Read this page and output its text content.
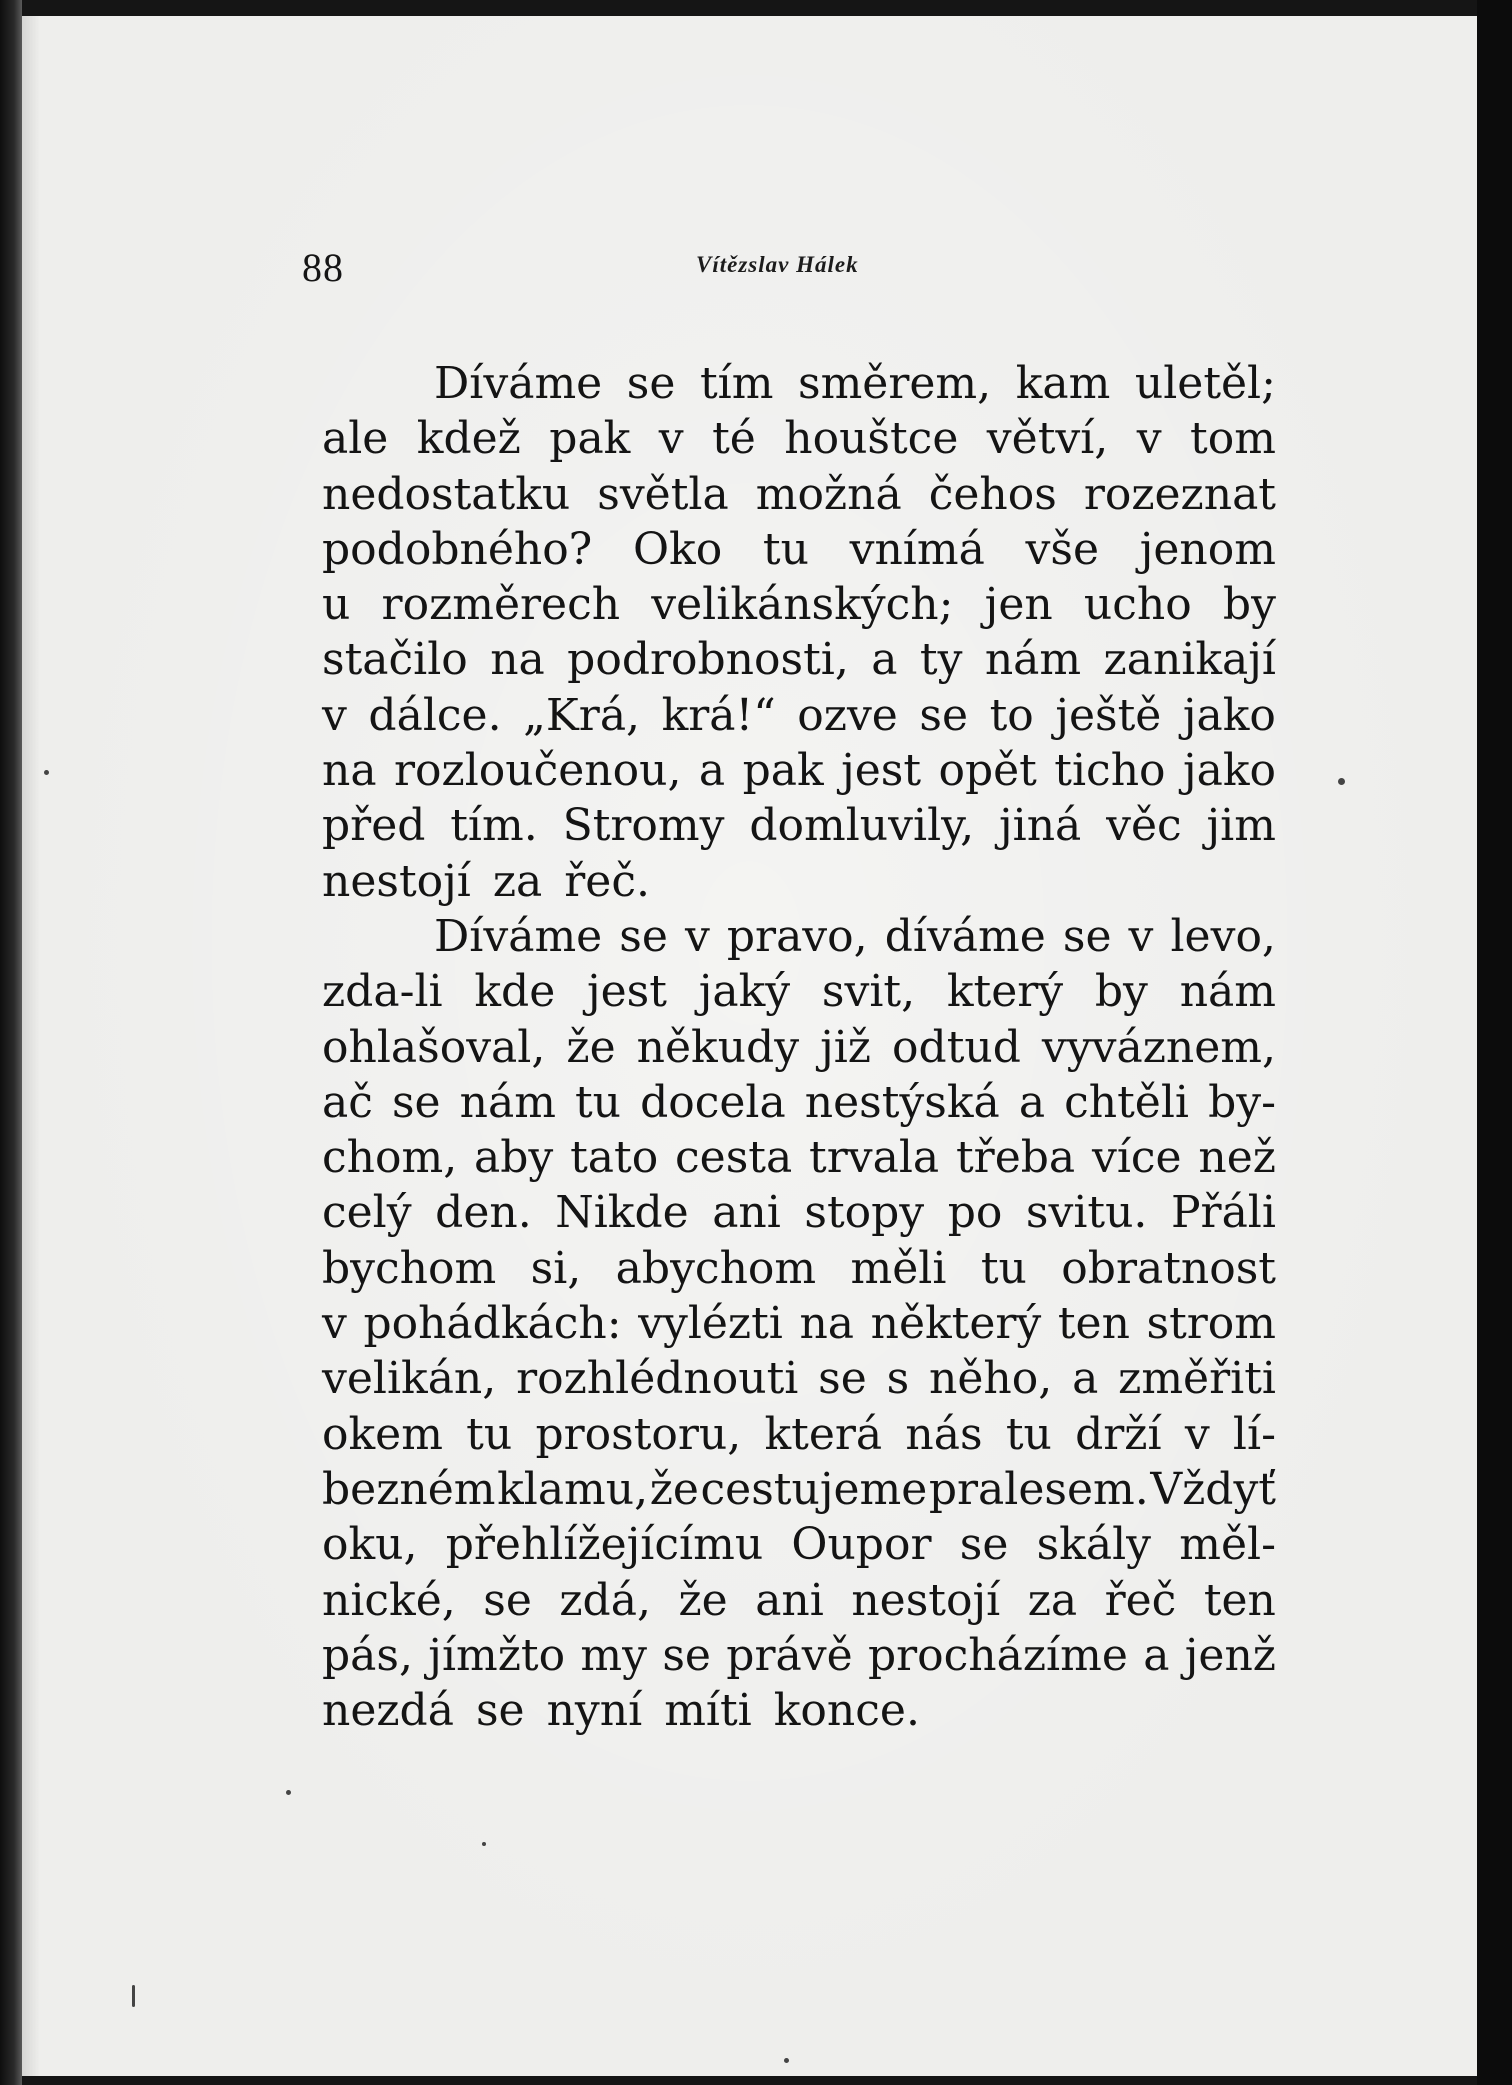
88	Vítězslav Hálek
Díváme se tím směrem, kam uletěl;
ale kdež pak v té houštce větví, v tom
nedostatku světla možná čehos rozeznat
podobného? Oko tu vnímá vše jenom
u rozměrech velikánských; jen ucho by
stačilo na podrobnosti, a ty nám zanikají
v dálce. „Krá, krá!“ ozve se to ještě jako
na rozloučenou, a pak jest opět ticho jako
před tím. Stromy domluvily, jiná věc jim
nestojí za řeč.
Díváme se v pravo, díváme se v levo,
zda-li kde jest jaký svit, který by nám
ohlašoval, že někudy již odtud vyváznem,
ač se nám tu docela nestýská a chtěli by-
chom, aby tato cesta trvala třeba více než
celý den. Nikde ani stopy po svitu. Přáli
bychom si, abychom měli tu obratnost
v pohádkách: vylézti na některý ten strom
velikán, rozhlédnouti se s něho, a změřiti
okem tu prostoru, která nás tu drží v lí-
bezném klamu, že cestujeme pralesem. Vždyť
oku, přehlížejícímu Oupor se skály měl-
nické, se zdá, že ani nestojí za řeč ten
pás, jímžto my se právě procházíme a jenž
nezdá se nyní míti konce.
